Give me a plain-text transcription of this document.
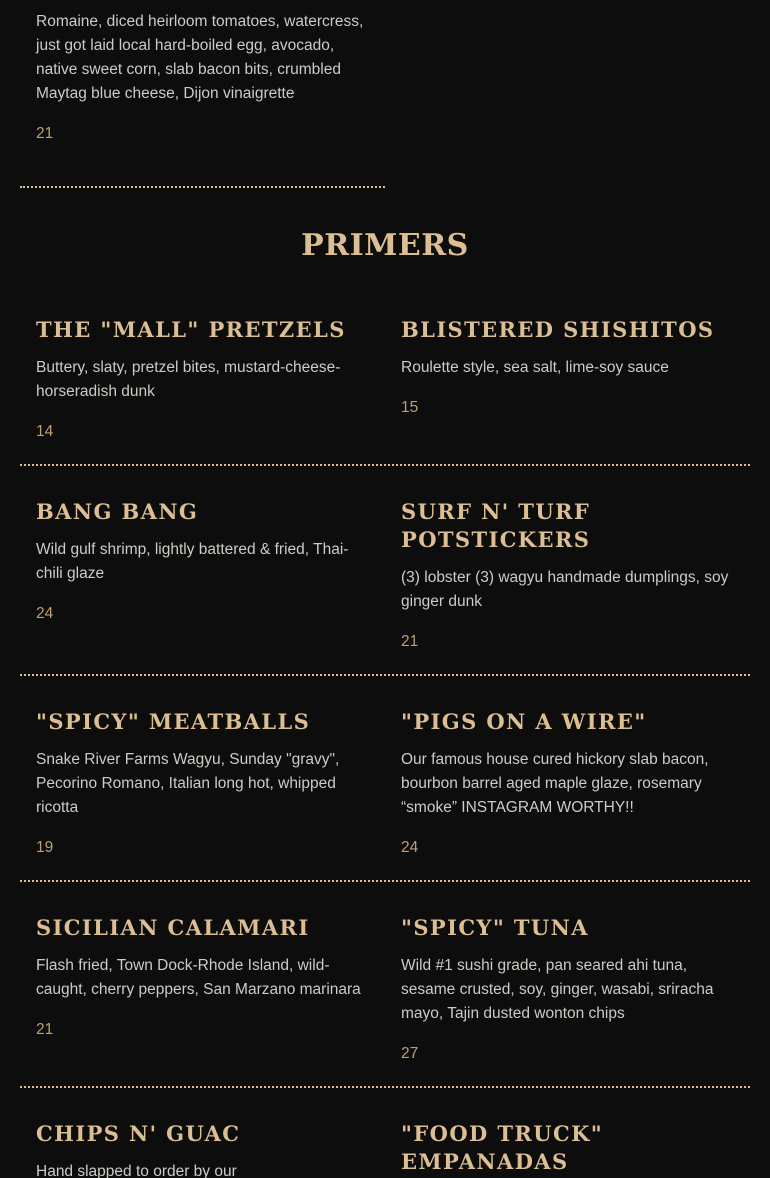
Romaine, diced heirloom tomatoes, watercress, just got laid local hard-boiled egg, avocado, native sweet corn, slab bacon bits, crumbled Maytag blue cheese, Dijon vinaigrette

21

PRIMERS
THE "MALL" PRETZELS

Buttery, slaty, pretzel bites, mustard-cheese-horseradish dunk

14

BLISTERED SHISHITOS

Roulette style, sea salt, lime-soy sauce

15

BANG BANG

Wild gulf shrimp, lightly battered & fried, Thai-chili glaze

24

SURF N' TURF POTSTICKERS

(3) lobster (3) wagyu handmade dumplings, soy ginger dunk

21

"SPICY" MEATBALLS

Snake River Farms Wagyu, Sunday "gravy", Pecorino Romano, Italian long hot, whipped ricotta

19

"PIGS ON A WIRE"

Our famous house cured hickory slab bacon, bourbon barrel aged maple glaze, rosemary “smoke” INSTAGRAM WORTHY!!

24

SICILIAN CALAMARI

Flash fried, Town Dock-Rhode Island, wild-caught, cherry peppers, San Marzano marinara

21

"SPICY" TUNA

Wild #1 sushi grade, pan seared ahi tuna, sesame crusted, soy, ginger, wasabi, sriracha mayo, Tajin dusted wonton chips

27

CHIPS N' GUAC

Hand slapped to order by our

"FOOD TRUCK" EMPANADAS
